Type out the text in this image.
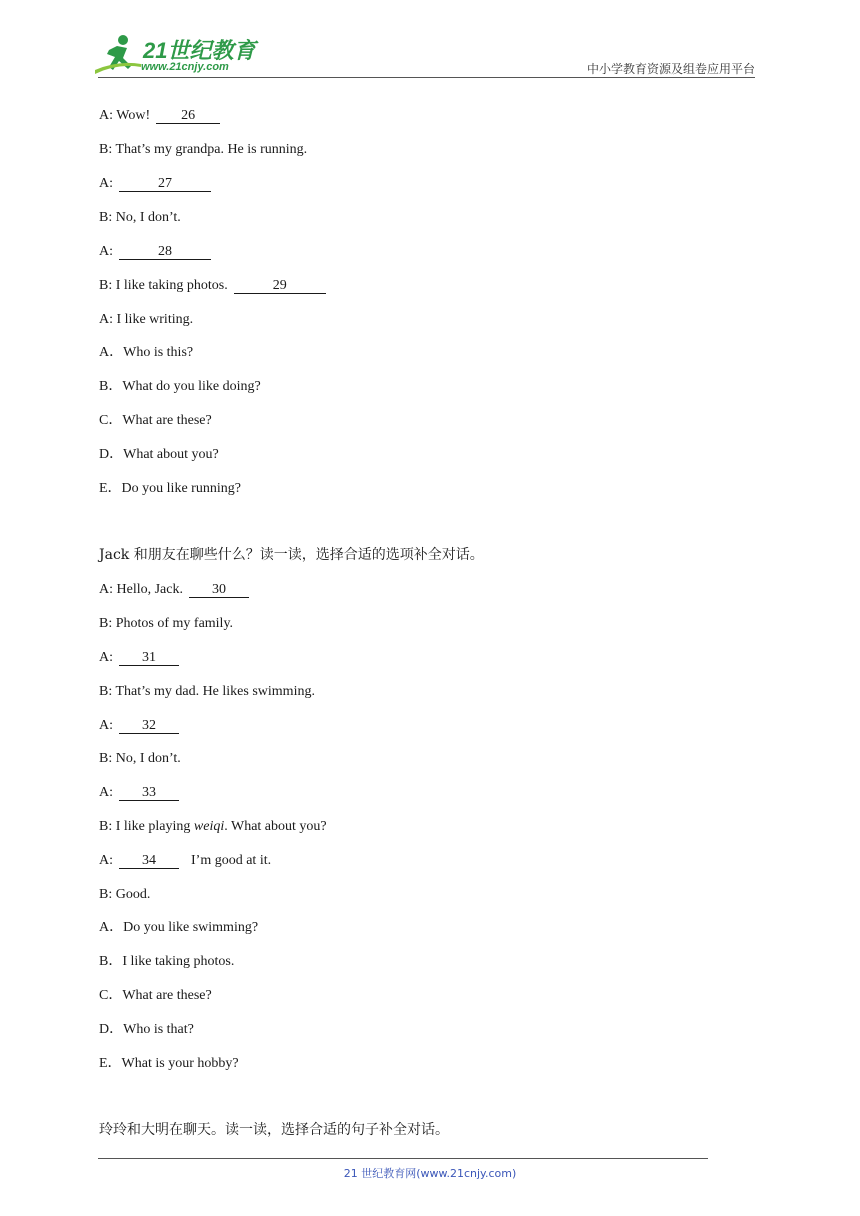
21世纪教育
www.21cnjy.com	中小学教育资源及组卷应用平台
A: Wow! 26
B: That’s my grandpa. He is running.
A:	27
B: No, I don’t.
A:	28
B: I like taking photos.	29
A: I like writing.
A．Who is this?
B．What do you like doing?
C．What are these?
D．What about you?
E．Do you like running?
Jack 和朋友在聊些什么？读一读，选择合适的选项补全对话。
A: Hello, Jack. 30
B: Photos of my family.
A: 31
B: That’s my dad. He likes swimming.
A: 32
B: No, I don’t.
A: 33
B: I like playing weiqi. What about you?
A: 34	I’m good at it.
B: Good.
A．Do you like swimming?
B．I like taking photos.
C．What are these?
D．Who is that?
E．What is your hobby?
玲玲和大明在聊天。读一读，选择合适的句子补全对话。
21 世纪教育网(www.21cnjy.com)
